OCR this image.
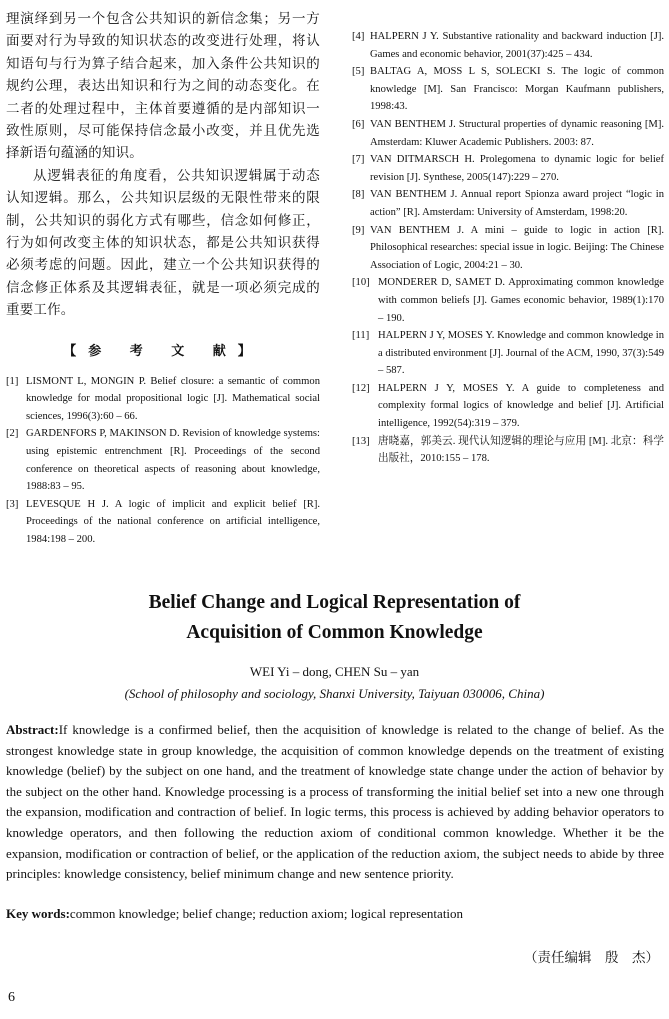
理演绎到另一个包含公共知识的新信念集；另一方面要对行为导致的知识状态的改变进行处理，将认知语句与行为算子结合起来，加入条件公共知识的规约公理，表达出知识和行为之间的动态变化。在二者的处理过程中，主体首要遵循的是内部知识一致性原则，尽可能保持信念最小改变，并且优先选择新语句蕴涵的知识。

从逻辑表征的角度看，公共知识逻辑属于动态认知逻辑。那么，公共知识层级的无限性带来的限制，公共知识的弱化方式有哪些，信念如何修正，行为如何改变主体的知识状态，都是公共知识获得必须考虑的问题。因此，建立一个公共知识获得的信念修正体系及其逻辑表征，就是一项必须完成的重要工作。

【参 考 文 献】
[1] LISMONT L, MONGIN P. Belief closure: a semantic of common knowledge for modal propositional logic [J]. Mathematical social sciences, 1996(3):60 – 66.
[2] GARDENFORS P, MAKINSON D. Revision of knowledge systems: using epistemic entrenchment [R]. Proceedings of the second conference on theoretical aspects of reasoning about knowledge, 1988:83 – 95.
[3] LEVESQUE H J. A logic of implicit and explicit belief [R]. Proceedings of the national conference on artificial intelligence, 1984:198 – 200.
[4] HALPERN J Y. Substantive rationality and backward induction [J]. Games and economic behavior, 2001(37):425 – 434.
[5] BALTAG A, MOSS L S, SOLECKI S. The logic of common knowledge [M]. San Francisco: Morgan Kaufmann publishers, 1998:43.
[6] VAN BENTHEM J. Structural properties of dynamic reasoning [M]. Amsterdam: Kluwer Academic Publishers. 2003: 87.
[7] VAN DITMARSCH H. Prolegomena to dynamic logic for belief revision [J]. Synthese, 2005(147):229 – 270.
[8] VAN BENTHEM J. Annual report Spionza award project “logic in action” [R]. Amsterdam: University of Amsterdam, 1998:20.
[9] VAN BENTHEM J. A mini – guide to logic in action [R]. Philosophical researches: special issue in logic. Beijing: The Chinese Association of Logic, 2004:21 – 30.
[10] MONDERER D, SAMET D. Approximating common knowledge with common beliefs [J]. Games economic behavior, 1989(1):170 – 190.
[11] HALPERN J Y, MOSES Y. Knowledge and common knowledge in a distributed environment [J]. Journal of the ACM, 1990, 37(3):549 – 587.
[12] HALPERN J Y, MOSES Y. A guide to completeness and complexity formal logics of knowledge and belief [J]. Artificial intelligence, 1992(54):319 – 379.
[13] 唐晓嘉，郭美云. 现代认知逻辑的理论与应用 [M]. 北京：科学出版社，2010:155 – 178.
Belief Change and Logical Representation of
Acquisition of Common Knowledge
WEI Yi – dong, CHEN Su – yan
(School of philosophy and sociology, Shanxi University, Taiyuan 030006, China)

Abstract:If knowledge is a confirmed belief, then the acquisition of knowledge is related to the change of belief. As the strongest knowledge state in group knowledge, the acquisition of common knowledge depends on the treatment of existing knowledge (belief) by the subject on one hand, and the treatment of knowledge state change under the action of behavior by the subject on the other hand. Knowledge processing is a process of transforming the initial belief set into a new one through the expansion, modification and contraction of belief. In logic terms, this process is achieved by adding behavior operators to knowledge operators, and then following the reduction axiom of conditional common knowledge. Whether it be the expansion, modification or contraction of belief, or the application of the reduction axiom, the subject needs to abide by three principles: knowledge consistency, belief minimum change and new sentence priority.

Key words:common knowledge; belief change; reduction axiom; logical representation

（责任编辑　殷　杰）
6
